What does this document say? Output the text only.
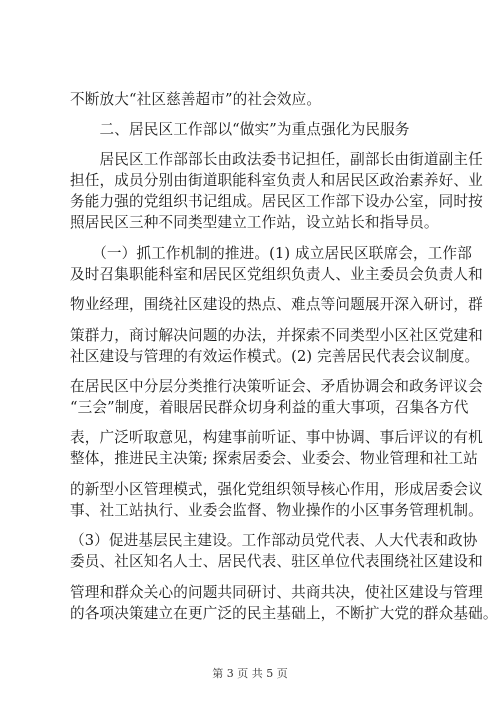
不断放大“社区慈善超市”的社会效应。
　　二、居民区工作部以“做实”为重点强化为民服务
　　居民区工作部部长由政法委书记担任，副部长由街道副主任
担任，成员分别由街道职能科室负责人和居民区政治素养好、业
务能力强的党组织书记组成。居民区工作部下设办公室，同时按
照居民区三种不同类型建立工作站，设立站长和指导员。
　　（一）抓工作机制的推进。(1) 成立居民区联席会，工作部
及时召集职能科室和居民区党组织负责人、业主委员会负责人和
物业经理，围绕社区建设的热点、难点等问题展开深入研讨，群
策群力，商讨解决问题的办法，并探索不同类型小区社区党建和
社区建设与管理的有效运作模式。(2) 完善居民代表会议制度。
在居民区中分层分类推行决策听证会、矛盾协调会和政务评议会
“三会”制度，着眼居民群众切身利益的重大事项，召集各方代
表，广泛听取意见，构建事前听证、事中协调、事后评议的有机
整体，推进民主决策; 探索居委会、业委会、物业管理和社工站
的新型小区管理模式，强化党组织领导核心作用，形成居委会议
事、社工站执行、业委会监督、物业操作的小区事务管理机制。
（3）促进基层民主建设。工作部动员党代表、人大代表和政协
委员、社区知名人士、居民代表、驻区单位代表围绕社区建设和
管理和群众关心的问题共同研讨、共商共决，使社区建设与管理
的各项决策建立在更广泛的民主基础上，不断扩大党的群众基础。
第 3 页 共 5 页
